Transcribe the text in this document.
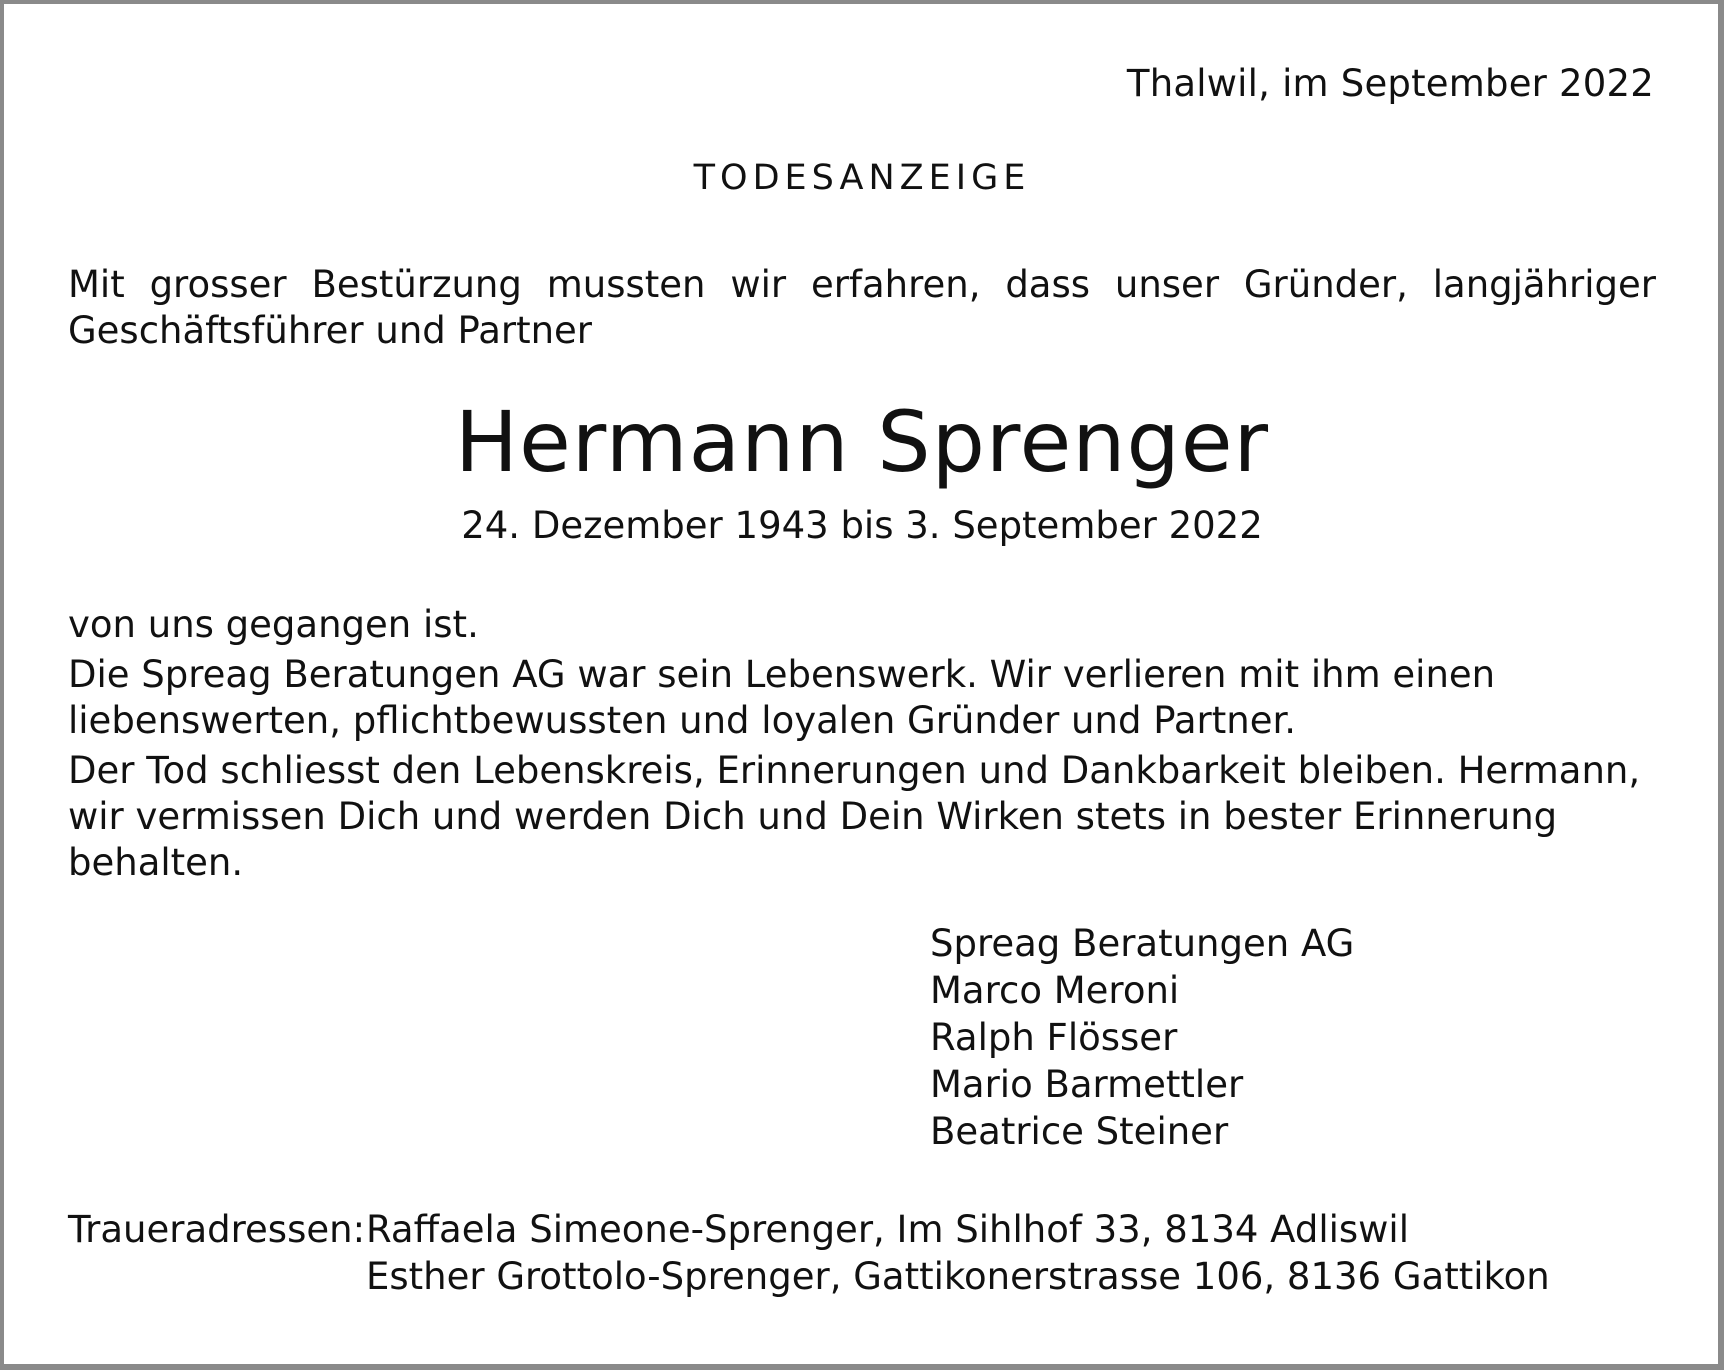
Thalwil, im September 2022
TODESANZEIGE

Mit grosser Bestürzung mussten wir erfahren, dass unser Gründer, langjähriger Geschäftsführer und Partner

Hermann Sprenger
24. Dezember 1943 bis 3. September 2022

von uns gegangen ist.

Die Spreag Beratungen AG war sein Lebenswerk. Wir verlieren mit ihm einen liebenswerten, pflichtbewussten und loyalen Gründer und Partner.

Der Tod schliesst den Lebenskreis, Erinnerungen und Dankbarkeit bleiben. Hermann, wir vermissen Dich und werden Dich und Dein Wirken stets in bester Erinnerung behalten.

Spreag Beratungen AG
Marco Meroni
Ralph Flösser
Mario Barmettler
Beatrice Steiner
Traueradressen: Raffaela Simeone-Sprenger, Im Sihlhof 33, 8134 Adliswil
Esther Grottolo-Sprenger, Gattikonerstrasse 106, 8136 Gattikon
